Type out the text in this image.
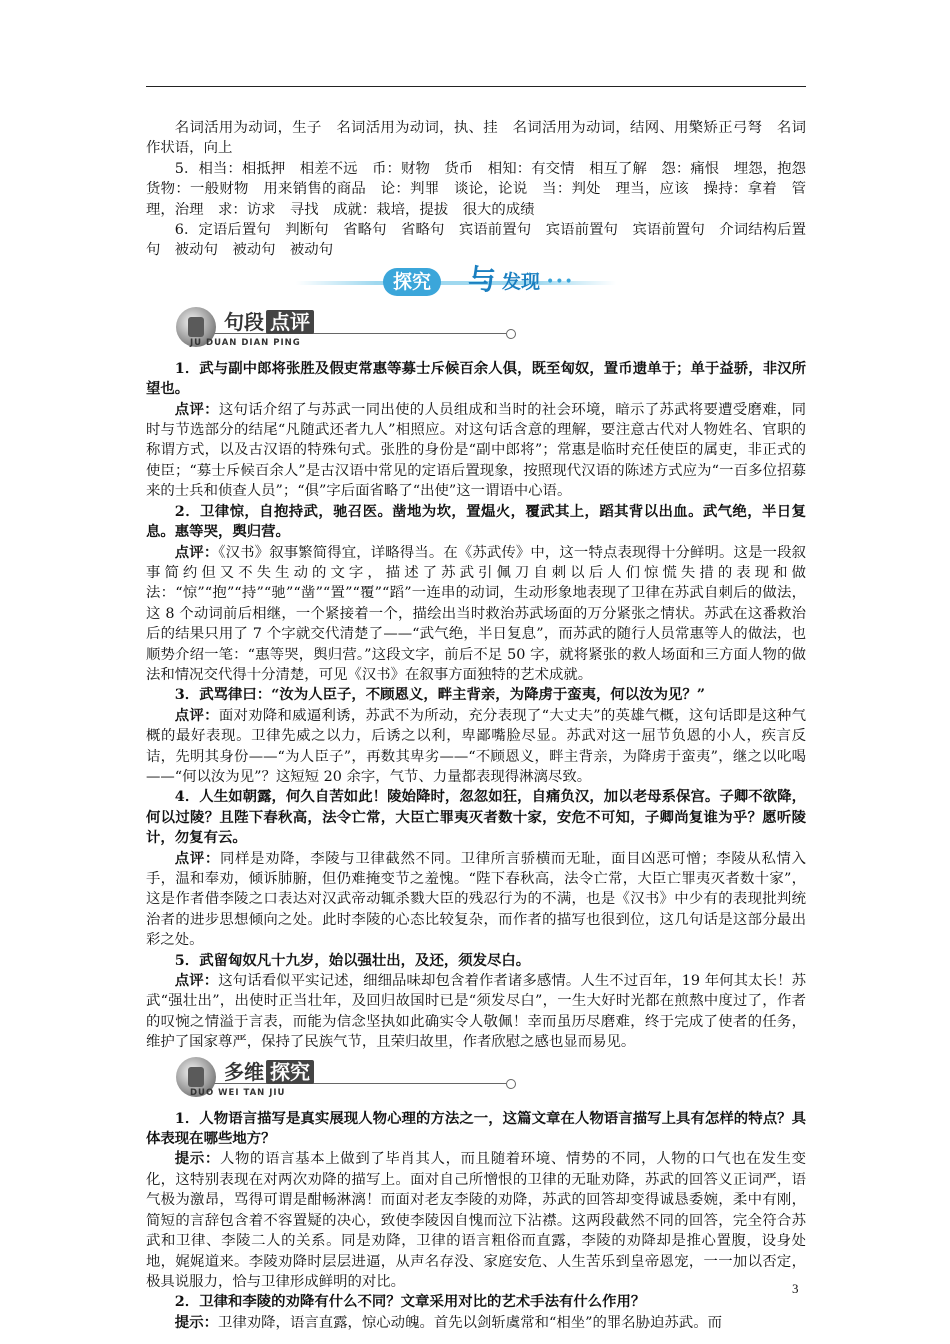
名词活用为动词，生子　名词活用为动词，执、挂　名词活用为动词，结网、用檠矫正弓弩　名词作状语，向上

5．相当：相抵押　相差不远　币：财物　货币　相知：有交情　相互了解　怨：痛恨　埋怨，抱怨　货物：一般财物　用来销售的商品　论：判罪　谈论，论说　当：判处　理当，应该　操持：拿着　管理，治理　求：访求　寻找　成就：栽培，提拔　很大的成绩

6．定语后置句　判断句　省略句　省略句　宾语前置句　宾语前置句　宾语前置句　介词结构后置句　被动句　被动句　被动句

探究	与 发现 •••
句段 点评
JU DUAN DIAN PING

1．武与副中郎将张胜及假吏常惠等募士斥候百余人俱，既至匈奴，置币遗单于；单于益骄，非汉所望也。

点评：这句话介绍了与苏武一同出使的人员组成和当时的社会环境，暗示了苏武将要遭受磨难，同时与节选部分的结尾“凡随武还者九人”相照应。对这句话含意的理解，要注意古代对人物姓名、官职的称谓方式，以及古汉语的特殊句式。张胜的身份是“副中郎将”；常惠是临时充任使臣的属吏，非正式的使臣；“募士斥候百余人”是古汉语中常见的定语后置现象，按照现代汉语的陈述方式应为“一百多位招募来的士兵和侦查人员”；“俱”字后面省略了“出使”这一谓语中心语。

2．卫律惊，自抱持武，驰召医。凿地为坎，置煴火，覆武其上，蹈其背以出血。武气绝，半日复息。惠等哭，舆归营。

点评：《汉书》叙事繁简得宜，详略得当。在《苏武传》中，这一特点表现得十分鲜明。这是一段叙事简约但又不失生动的文字，描述了苏武引佩刀自刺以后人们惊慌失措的表现和做法：“惊”“抱”“持”“驰”“凿”“置”“覆”“蹈”一连串的动词，生动形象地表现了卫律在苏武自刺后的做法，这 8 个动词前后相继，一个紧接着一个，描绘出当时救治苏武场面的万分紧张之情状。苏武在这番救治后的结果只用了 7 个字就交代清楚了——“武气绝，半日复息”，而苏武的随行人员常惠等人的做法，也顺势介绍一笔：“惠等哭，舆归营。”这段文字，前后不足 50 字，就将紧张的救人场面和三方面人物的做法和情况交代得十分清楚，可见《汉书》在叙事方面独特的艺术成就。

3．武骂律曰：“汝为人臣子，不顾恩义，畔主背亲，为降虏于蛮夷，何以汝为见？”

点评：面对劝降和威逼利诱，苏武不为所动，充分表现了“大丈夫”的英雄气概，这句话即是这种气概的最好表现。卫律先威之以力，后诱之以利，卑鄙嘴脸尽显。苏武对这一屈节负恩的小人，疾言反诘，先明其身份——“为人臣子”，再数其卑劣——“不顾恩义，畔主背亲，为降虏于蛮夷”，继之以叱喝——“何以汝为见”？这短短 20 余字，气节、力量都表现得淋漓尽致。

4．人生如朝露，何久自苦如此！陵始降时，忽忽如狂，自痛负汉，加以老母系保宫。子卿不欲降，何以过陵？且陛下春秋高，法令亡常，大臣亡罪夷灭者数十家，安危不可知，子卿尚复谁为乎？愿听陵计，勿复有云。

点评：同样是劝降，李陵与卫律截然不同。卫律所言骄横而无耻，面目凶恶可憎；李陵从私情入手，温和奉劝，倾诉肺腑，但仍难掩变节之羞愧。“陛下春秋高，法令亡常，大臣亡罪夷灭者数十家”，这是作者借李陵之口表达对汉武帝动辄杀戮大臣的残忍行为的不满，也是《汉书》中少有的表现批判统治者的进步思想倾向之处。此时李陵的心态比较复杂，而作者的描写也很到位，这几句话是这部分最出彩之处。

5．武留匈奴凡十九岁，始以强壮出，及还，须发尽白。

点评：这句话看似平实记述，细细品味却包含着作者诸多感情。人生不过百年，19 年何其太长！苏武“强壮出”，出使时正当壮年，及回归故国时已是“须发尽白”，一生大好时光都在煎熬中度过了，作者的叹惋之情溢于言表，而能为信念坚执如此确实令人敬佩！幸而虽历尽磨难，终于完成了使者的任务，维护了国家尊严，保持了民族气节，且荣归故里，作者欣慰之感也显而易见。

多维 探究
DUO WEI TAN JIU

1．人物语言描写是真实展现人物心理的方法之一，这篇文章在人物语言描写上具有怎样的特点？具体表现在哪些地方？

提示：人物的语言基本上做到了毕肖其人，而且随着环境、情势的不同，人物的口气也在发生变化，这特别表现在对两次劝降的描写上。面对自己所憎恨的卫律的无耻劝降，苏武的回答义正词严，语气极为激昂，骂得可谓是酣畅淋漓！而面对老友李陵的劝降，苏武的回答却变得诚恳委婉，柔中有刚，简短的言辞包含着不容置疑的决心，致使李陵因自愧而泣下沾襟。这两段截然不同的回答，完全符合苏武和卫律、李陵二人的关系。同是劝降，卫律的语言粗俗而直露，李陵的劝降却是推心置腹，设身处地，娓娓道来。李陵劝降时层层进逼，从声名存没、家庭安危、人生苦乐到皇帝恩宠，一一加以否定，极具说服力，恰与卫律形成鲜明的对比。

2．卫律和李陵的劝降有什么不同？文章采用对比的艺术手法有什么作用？

提示：卫律劝降，语言直露，惊心动魄。首先以剑斩虞常和“相坐”的罪名胁迫苏武。而

3
